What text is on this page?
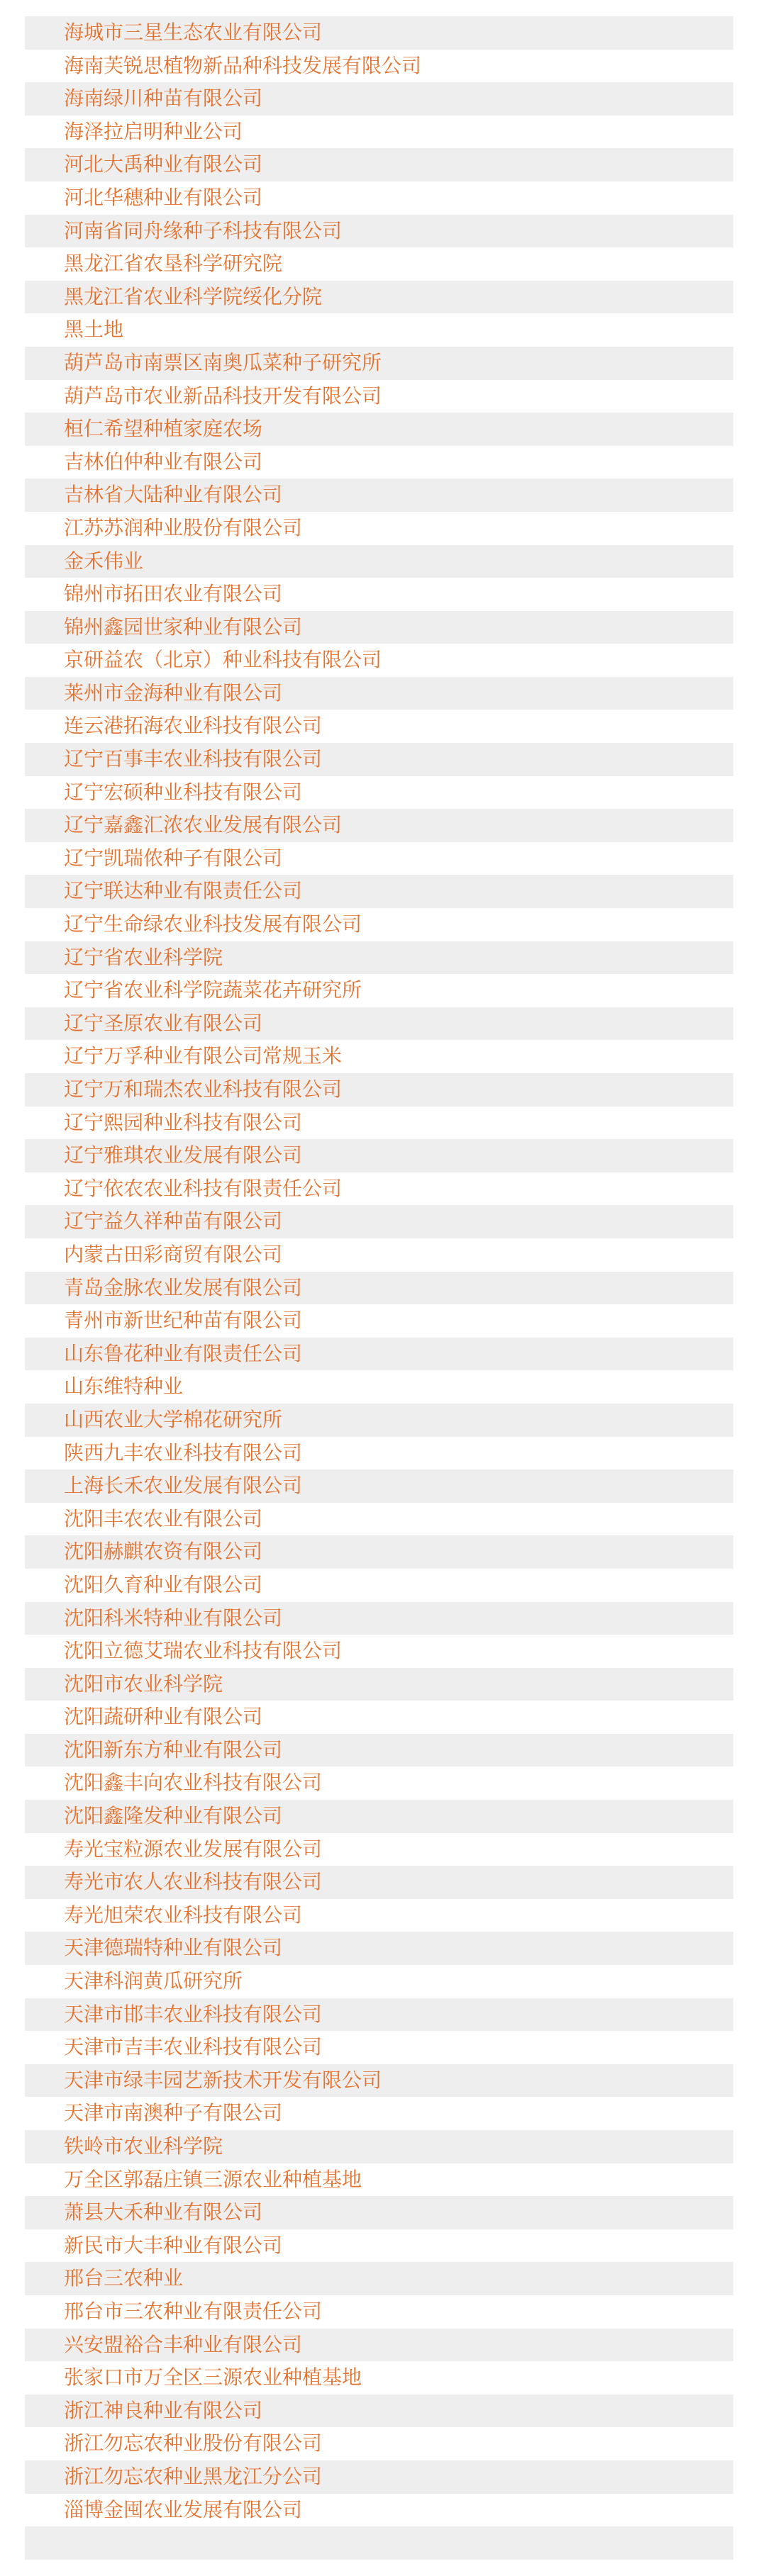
海城市三星生态农业有限公司
海南芙锐思植物新品种科技发展有限公司
海南绿川种苗有限公司
海泽拉启明种业公司
河北大禹种业有限公司
河北华穗种业有限公司
河南省同舟缘种子科技有限公司
黑龙江省农垦科学研究院
黑龙江省农业科学院绥化分院
黑土地
葫芦岛市南票区南奥瓜菜种子研究所
葫芦岛市农业新品科技开发有限公司
桓仁希望种植家庭农场
吉林伯仲种业有限公司
吉林省大陆种业有限公司
江苏苏润种业股份有限公司
金禾伟业
锦州市拓田农业有限公司
锦州鑫园世家种业有限公司
京研益农（北京）种业科技有限公司
莱州市金海种业有限公司
连云港拓海农业科技有限公司
辽宁百事丰农业科技有限公司
辽宁宏硕种业科技有限公司
辽宁嘉鑫汇浓农业发展有限公司
辽宁凯瑞侬种子有限公司
辽宁联达种业有限责任公司
辽宁生命绿农业科技发展有限公司
辽宁省农业科学院
辽宁省农业科学院蔬菜花卉研究所
辽宁圣原农业有限公司
辽宁万孚种业有限公司常规玉米
辽宁万和瑞杰农业科技有限公司
辽宁熙园种业科技有限公司
辽宁雅琪农业发展有限公司
辽宁依农农业科技有限责任公司
辽宁益久祥种苗有限公司
内蒙古田彩商贸有限公司
青岛金脉农业发展有限公司
青州市新世纪种苗有限公司
山东鲁花种业有限责任公司
山东维特种业
山西农业大学棉花研究所
陕西九丰农业科技有限公司
上海长禾农业发展有限公司
沈阳丰农农业有限公司
沈阳赫麒农资有限公司
沈阳久育种业有限公司
沈阳科米特种业有限公司
沈阳立德艾瑞农业科技有限公司
沈阳市农业科学院
沈阳蔬研种业有限公司
沈阳新东方种业有限公司
沈阳鑫丰向农业科技有限公司
沈阳鑫隆发种业有限公司
寿光宝粒源农业发展有限公司
寿光市农人农业科技有限公司
寿光旭荣农业科技有限公司
天津德瑞特种业有限公司
天津科润黄瓜研究所
天津市邯丰农业科技有限公司
天津市吉丰农业科技有限公司
天津市绿丰园艺新技术开发有限公司
天津市南澳种子有限公司
铁岭市农业科学院
万全区郭磊庄镇三源农业种植基地
萧县大禾种业有限公司
新民市大丰种业有限公司
邢台三农种业
邢台市三农种业有限责任公司
兴安盟裕合丰种业有限公司
张家口市万全区三源农业种植基地
浙江神良种业有限公司
浙江勿忘农种业股份有限公司
浙江勿忘农种业黑龙江分公司
淄博金囤农业发展有限公司
